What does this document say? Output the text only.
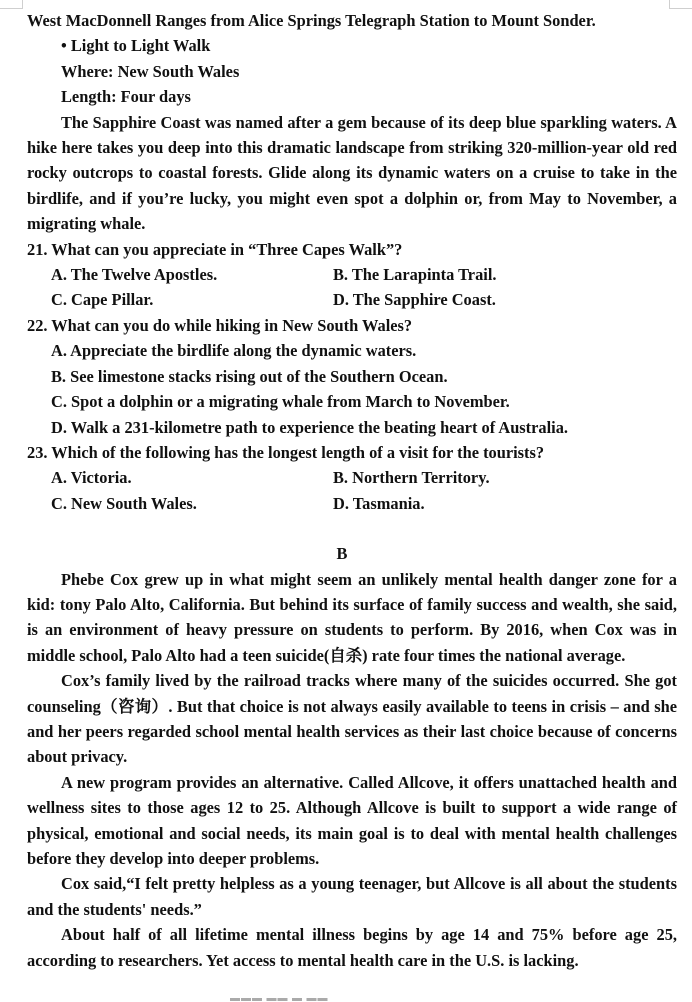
West MacDonnell Ranges from Alice Springs Telegraph Station to Mount Sonder.
• Light to Light Walk
Where: New South Wales
Length: Four days

The Sapphire Coast was named after a gem because of its deep blue sparkling waters. A hike here takes you deep into this dramatic landscape from striking 320-million-year old red rocky outcrops to coastal forests. Glide along its dynamic waters on a cruise to take in the birdlife, and if you’re lucky, you might even spot a dolphin or, from May to November, a migrating whale.

21. What can you appreciate in “Three Capes Walk”?
A. The Twelve Apostles.	B. The Larapinta Trail.
C. Cape Pillar.	D. The Sapphire Coast.
22. What can you do while hiking in New South Wales?
A. Appreciate the birdlife along the dynamic waters.
B. See limestone stacks rising out of the Southern Ocean.
C. Spot a dolphin or a migrating whale from March to November.
D. Walk a 231-kilometre path to experience the beating heart of Australia.
23. Which of the following has the longest length of a visit for the tourists?
A. Victoria.	B. Northern Territory.
C. New South Wales.	D. Tasmania.
B

Phebe Cox grew up in what might seem an unlikely mental health danger zone for a kid: tony Palo Alto, California. But behind its surface of family success and wealth, she said, is an environment of heavy pressure on students to perform. By 2016, when Cox was in middle school, Palo Alto had a teen suicide(自杀) rate four times the national average.

Cox’s family lived by the railroad tracks where many of the suicides occurred. She got counseling（咨询）. But that choice is not always easily available to teens in crisis – and she and her peers regarded school mental health services as their last choice because of concerns about privacy.

A new program provides an alternative. Called Allcove, it offers unattached health and wellness sites to those ages 12 to 25. Although Allcove is built to support a wide range of physical, emotional and social needs, its main goal is to deal with mental health challenges before they develop into deeper problems.

Cox said,“I felt pretty helpless as a young teenager, but Allcove is all about the students and the students' needs.”

About half of all lifetime mental illness begins by age 14 and 75% before age 25, according to researchers. Yet access to mental health care in the U.S. is lacking.

▬▬▬ ▬▬ ▬ ▬▬
